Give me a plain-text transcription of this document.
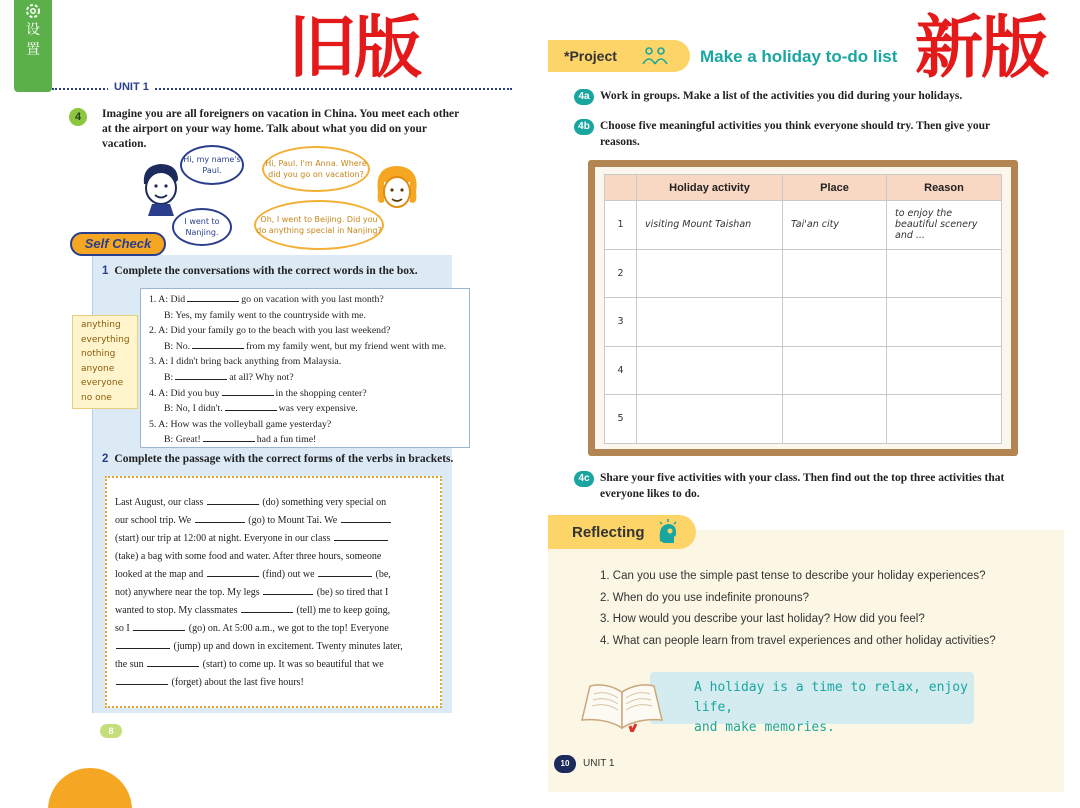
设
置
UNIT 1 旧版
4	Imagine you are all foreigners on vacation in China. You meet each other at the airport on your way home. Talk about what you did on your vacation.
Hi, my name's Paul.
Hi, Paul. I'm Anna. Where did you go on vacation?
I went to Nanjing.
Oh, I went to Beijing. Did you do anything special in Nanjing?
Self Check
1 Complete the conversations with the correct words in the box.
anything
everything
nothing
anyone
everyone
no one
1. A: Did	go on vacation with you last month?
B: Yes, my family went to the countryside with me.
2. A: Did your family go to the beach with you last weekend?
B: No.	from my family went, but my friend went with me.
3. A: I didn't bring back anything from Malaysia.
B:	at all? Why not?
4. A: Did you buy	in the shopping center?
B: No, I didn't.	was very expensive.
5. A: How was the volleyball game yesterday?
B: Great!	had a fun time!
2 Complete the passage with the correct forms of the verbs in brackets.
Last August, our class	(do) something very special on
our school trip. We	(go) to Mount Tai. We
(start) our trip at 12:00 at night. Everyone in our class
(take) a bag with some food and water. After three hours, someone
looked at the map and	(find) out we	(be,
not) anywhere near the top. My legs	(be) so tired that I
wanted to stop. My classmates	(tell) me to keep going,
so I	(go) on. At 5:00 a.m., we got to the top! Everyone
(jump) up and down in excitement. Twenty minutes later,
the sun	(start) to come up. It was so beautiful that we
(forget) about the last five hours!
8
*Project	Make a holiday to-do list 新版
4a Work in groups. Make a list of the activities you did during your holidays.
4b Choose five meaningful activities you think everyone should try. Then give your reasons.
	Holiday activity	Place	Reason
1	visiting Mount Taishan	Tai'an city	to enjoy the beautiful scenery and ...
2			
3			
4			
5			
4c Share your five activities with your class. Then find out the top three activities that everyone likes to do.
Reflecting
1. Can you use the simple past tense to describe your holiday experiences?
2. When do you use indefinite pronouns?
3. How would you describe your last holiday? How did you feel?
4. What can people learn from travel experiences and other holiday activities?
A holiday is a time to relax, enjoy life,
and make memories.
10	UNIT 1
